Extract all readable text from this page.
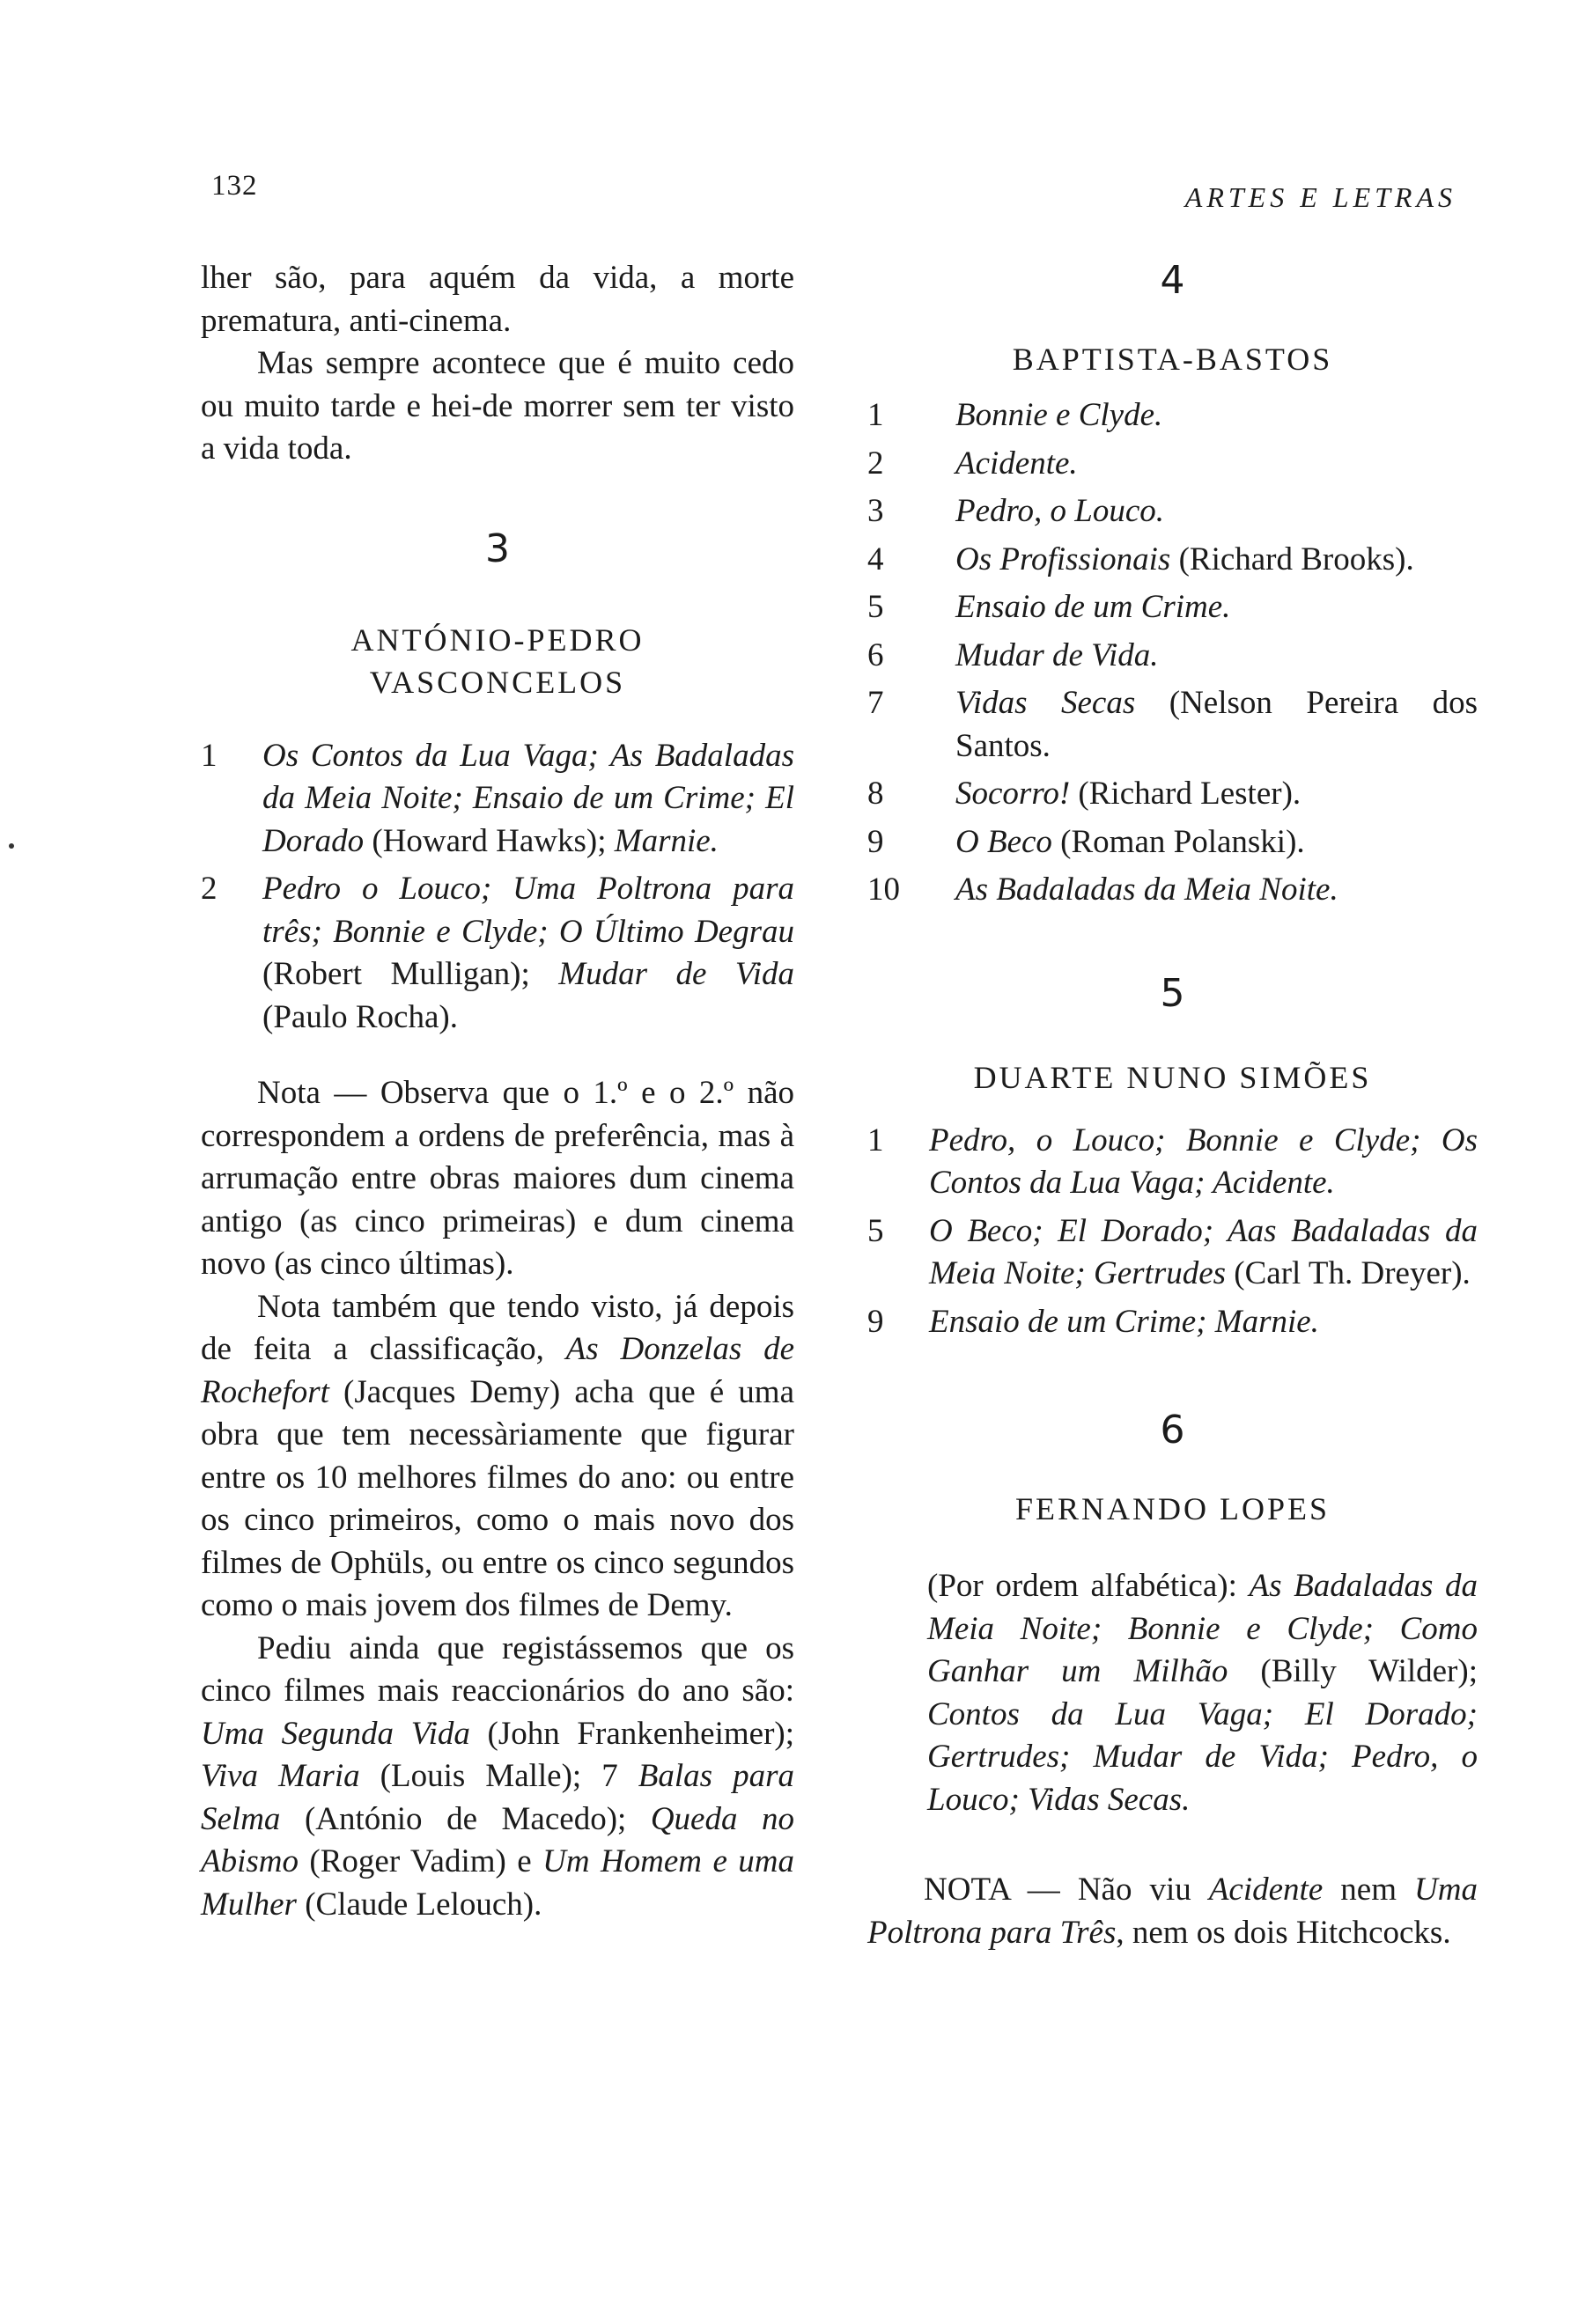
132	ARTES E LETRAS

lher são, para aquém da vida, a morte prematura, anti-cinema.

Mas sempre acontece que é muito cedo ou muito tarde e hei-de morrer sem ter visto a vida toda.

3
ANTÓNIO-PEDRO VASCONCELOS
1 Os Contos da Lua Vaga; As Badaladas da Meia Noite; Ensaio de um Crime; El Dorado (Howard Hawks); Marnie.
2 Pedro o Louco; Uma Poltrona para três; Bonnie e Clyde; O Último Degrau (Robert Mulligan); Mudar de Vida (Paulo Rocha).

Nota — Observa que o 1.º e o 2.º não correspondem a ordens de preferência, mas à arrumação entre obras maiores dum cinema antigo (as cinco primeiras) e dum cinema novo (as cinco últimas).

Nota também que tendo visto, já depois de feita a classificação, As Donzelas de Rochefort (Jacques Demy) acha que é uma obra que tem necessàriamente que figurar entre os 10 melhores filmes do ano: ou entre os cinco primeiros, como o mais novo dos filmes de Ophüls, ou entre os cinco segundos como o mais jovem dos filmes de Demy.

Pediu ainda que registássemos que os cinco filmes mais reaccionários do ano são: Uma Segunda Vida (John Frankenheimer); Viva Maria (Louis Malle); 7 Balas para Selma (António de Macedo); Queda no Abismo (Roger Vadim) e Um Homem e uma Mulher (Claude Lelouch).

4
BAPTISTA-BASTOS
1 Bonnie e Clyde.
2 Acidente.
3 Pedro, o Louco.
4 Os Profissionais (Richard Brooks).
5 Ensaio de um Crime.
6 Mudar de Vida.
7 Vidas Secas (Nelson Pereira dos Santos.
8 Socorro! (Richard Lester).
9 O Beco (Roman Polanski).
10 As Badaladas da Meia Noite.
5
DUARTE NUNO SIMÕES
1 Pedro, o Louco; Bonnie e Clyde; Os Contos da Lua Vaga; Acidente.
5 O Beco; El Dorado; Aas Badaladas da Meia Noite; Gertrudes (Carl Th. Dreyer).
9 Ensaio de um Crime; Marnie.
6
FERNANDO LOPES

(Por ordem alfabética): As Badaladas da Meia Noite; Bonnie e Clyde; Como Ganhar um Milhão (Billy Wilder); Contos da Lua Vaga; El Dorado; Gertrudes; Mudar de Vida; Pedro, o Louco; Vidas Secas.

NOTA — Não viu Acidente nem Uma Poltrona para Três, nem os dois Hitchcocks.
